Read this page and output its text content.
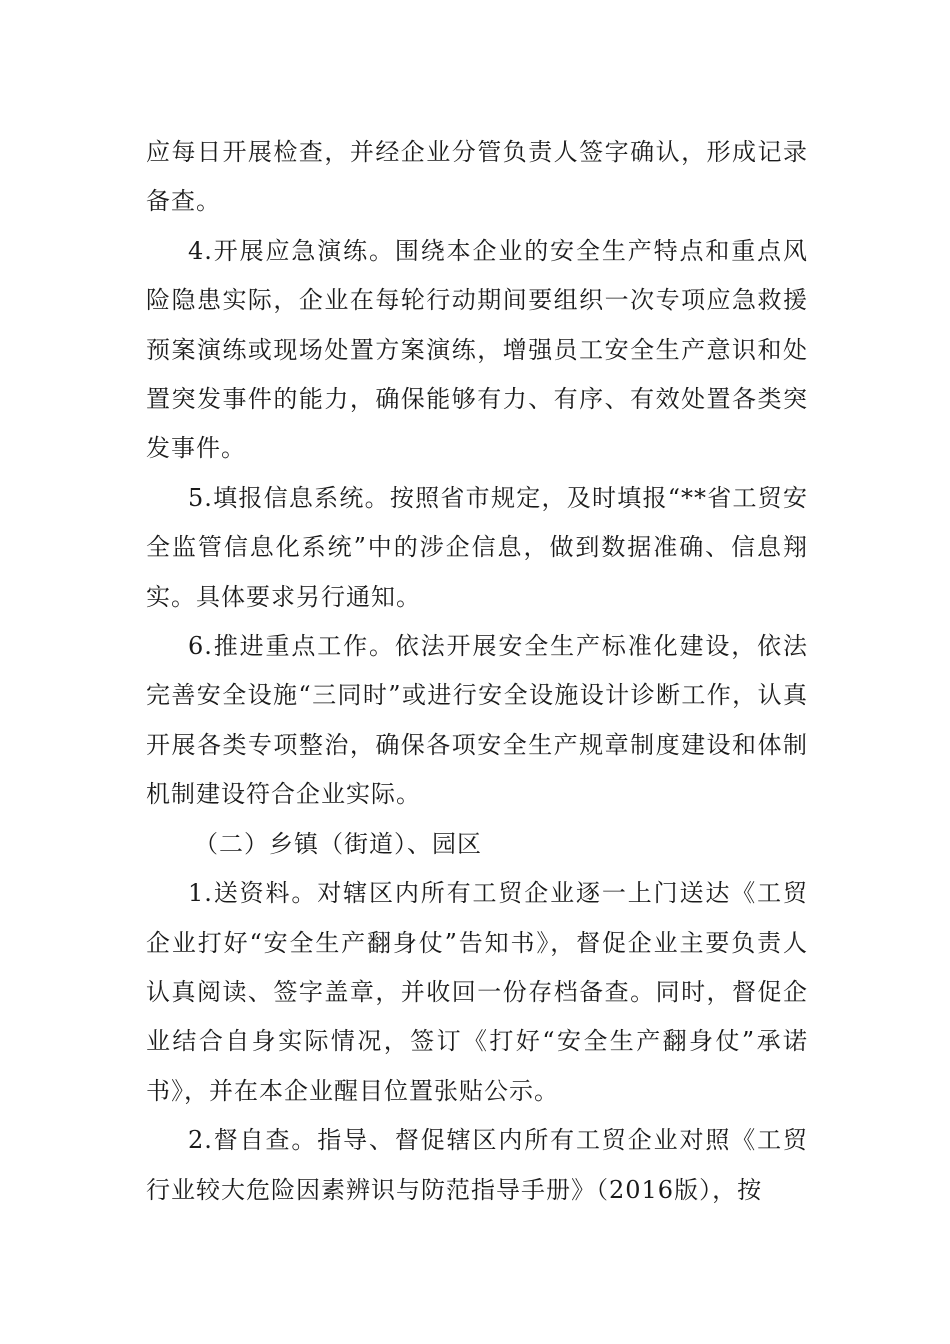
应每日开展检查，并经企业分管负责人签字确认，形成记录备查。

4.开展应急演练。围绕本企业的安全生产特点和重点风险隐患实际，企业在每轮行动期间要组织一次专项应急救援预案演练或现场处置方案演练，增强员工安全生产意识和处置突发事件的能力，确保能够有力、有序、有效处置各类突发事件。

5.填报信息系统。按照省市规定，及时填报“**省工贸安全监管信息化系统”中的涉企信息，做到数据准确、信息翔实。具体要求另行通知。

6.推进重点工作。依法开展安全生产标准化建设，依法完善安全设施“三同时”或进行安全设施设计诊断工作，认真开展各类专项整治，确保各项安全生产规章制度建设和体制机制建设符合企业实际。

（二）乡镇（街道）、园区

1.送资料。对辖区内所有工贸企业逐一上门送达《工贸企业打好“安全生产翻身仗”告知书》，督促企业主要负责人认真阅读、签字盖章，并收回一份存档备查。同时，督促企业结合自身实际情况，签订《打好“安全生产翻身仗”承诺书》，并在本企业醒目位置张贴公示。

2.督自查。指导、督促辖区内所有工贸企业对照《工贸行业较大危险因素辨识与防范指导手册》（2016版），按
